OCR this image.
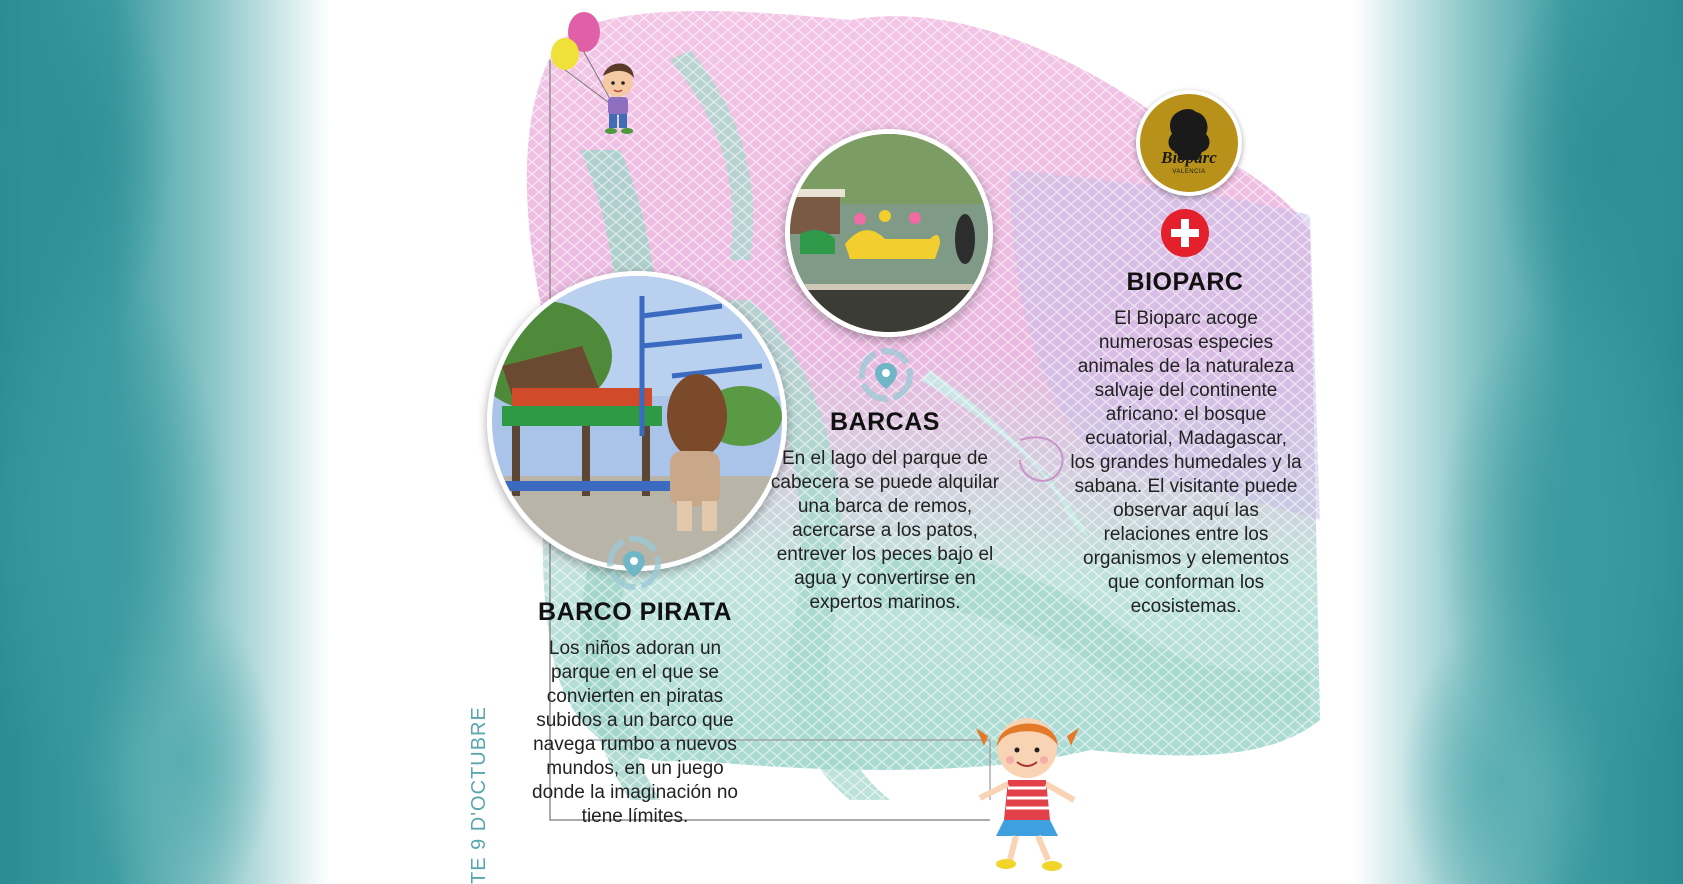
Bioparc
VALENCIA
BIOPARC
El Bioparc acoge
numerosas especies
animales de la naturaleza
salvaje del continente
africano: el bosque
ecuatorial, Madagascar,
los grandes humedales y la
sabana. El visitante puede
observar aquí las
relaciones entre los
organismos y elementos
que conforman los
ecosistemas.
BARCAS
En el lago del parque de
cabecera se puede alquilar
una barca de remos,
acercarse a los patos,
entrever los peces bajo el
agua y convertirse en
expertos marinos.
BARCO PIRATA
Los niños adoran un
parque en el que se
convierten en piratas
subidos a un barco que
navega rumbo a nuevos
mundos, en un juego
donde la imaginación no
tiene límites.
TE 9 D'OCTUBRE
